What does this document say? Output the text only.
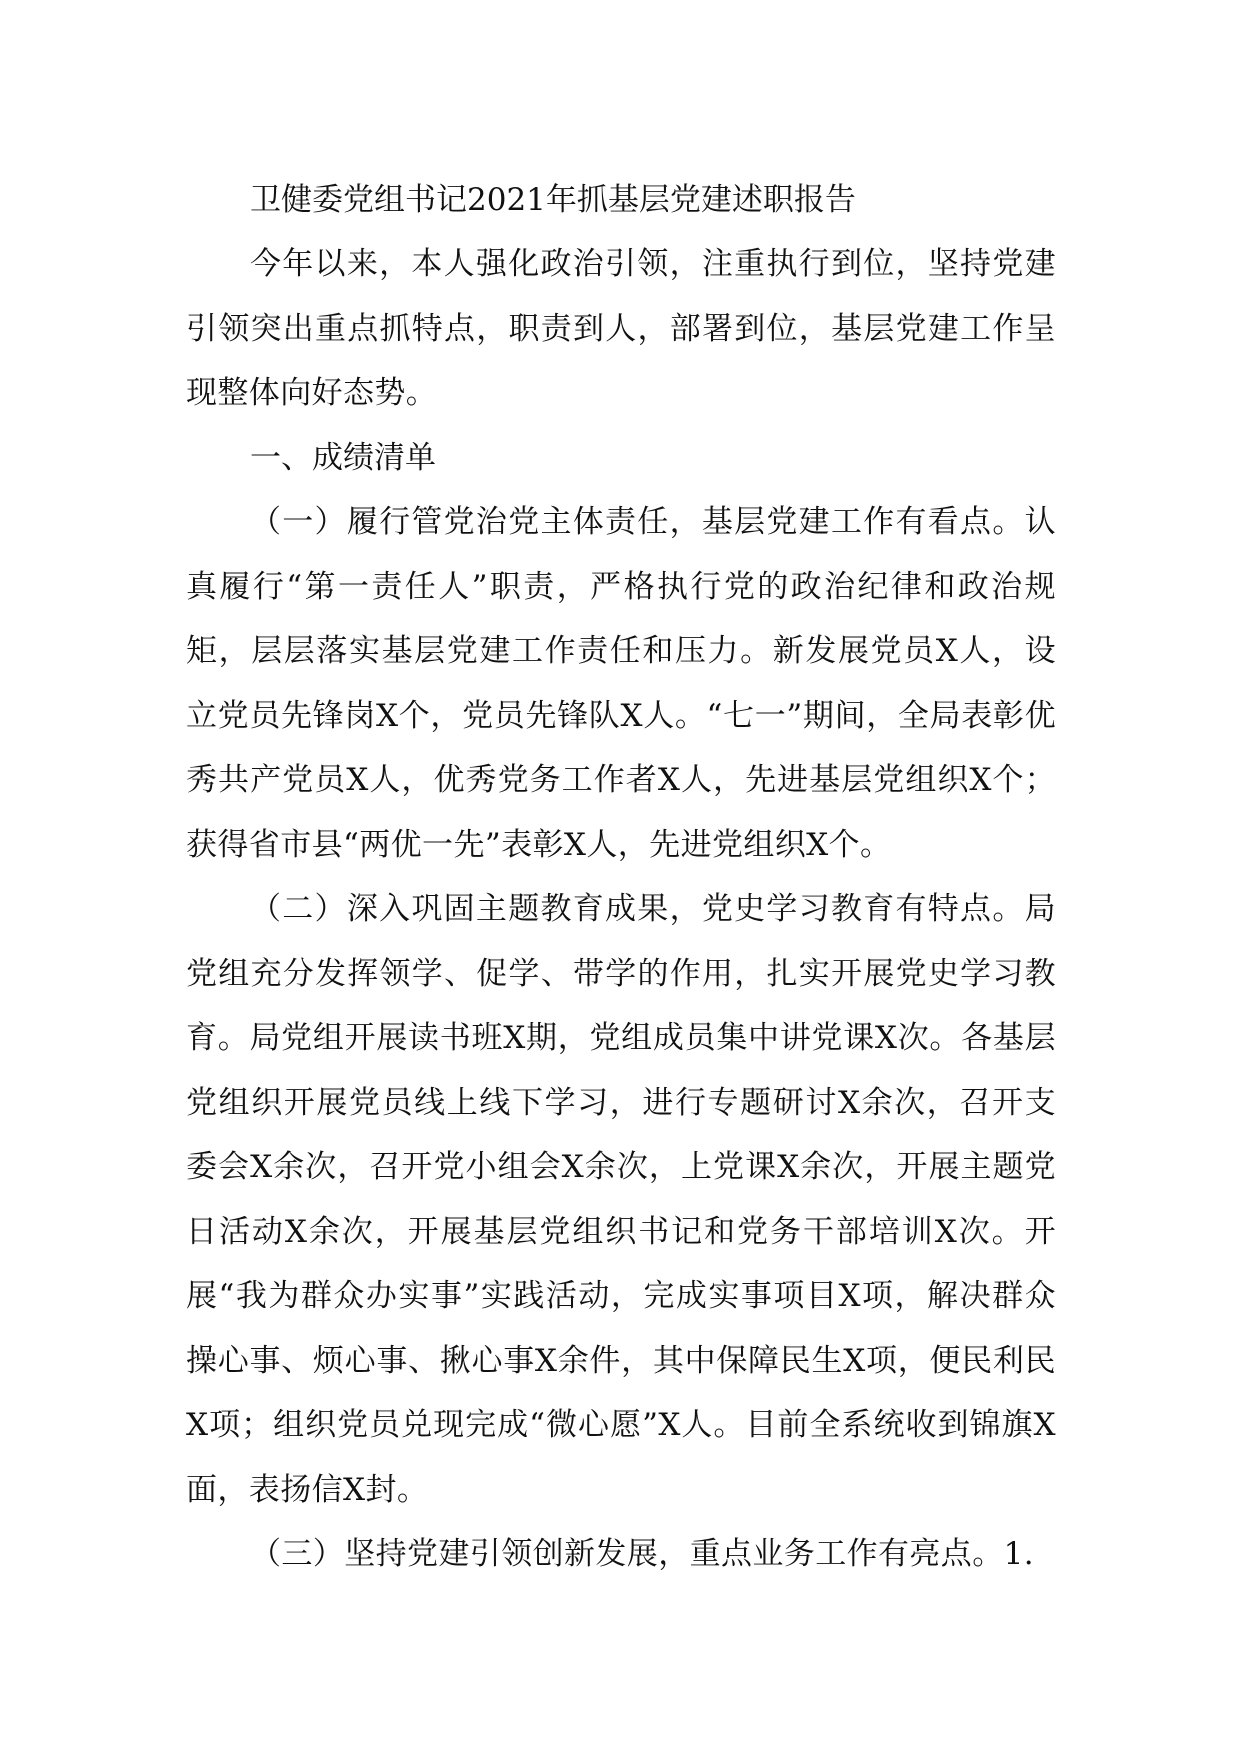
卫健委党组书记2021年抓基层党建述职报告

今年以来，本人强化政治引领，注重执行到位，坚持党建引领突出重点抓特点，职责到人，部署到位，基层党建工作呈现整体向好态势。

一、成绩清单

（一）履行管党治党主体责任，基层党建工作有看点。认真履行“第一责任人”职责，严格执行党的政治纪律和政治规矩，层层落实基层党建工作责任和压力。新发展党员X人，设立党员先锋岗X个，党员先锋队X人。“七一”期间，全局表彰优秀共产党员X人，优秀党务工作者X人，先进基层党组织X个；获得省市县“两优一先”表彰X人，先进党组织X个。

（二）深入巩固主题教育成果，党史学习教育有特点。局党组充分发挥领学、促学、带学的作用，扎实开展党史学习教育。局党组开展读书班X期，党组成员集中讲党课X次。各基层党组织开展党员线上线下学习，进行专题研讨X余次，召开支委会X余次，召开党小组会X余次，上党课X余次，开展主题党日活动X余次，开展基层党组织书记和党务干部培训X次。开展“我为群众办实事”实践活动，完成实事项目X项，解决群众操心事、烦心事、揪心事X余件，其中保障民生X项，便民利民X项；组织党员兑现完成“微心愿”X人。目前全系统收到锦旗X面，表扬信X封。

（三）坚持党建引领创新发展，重点业务工作有亮点。1.
